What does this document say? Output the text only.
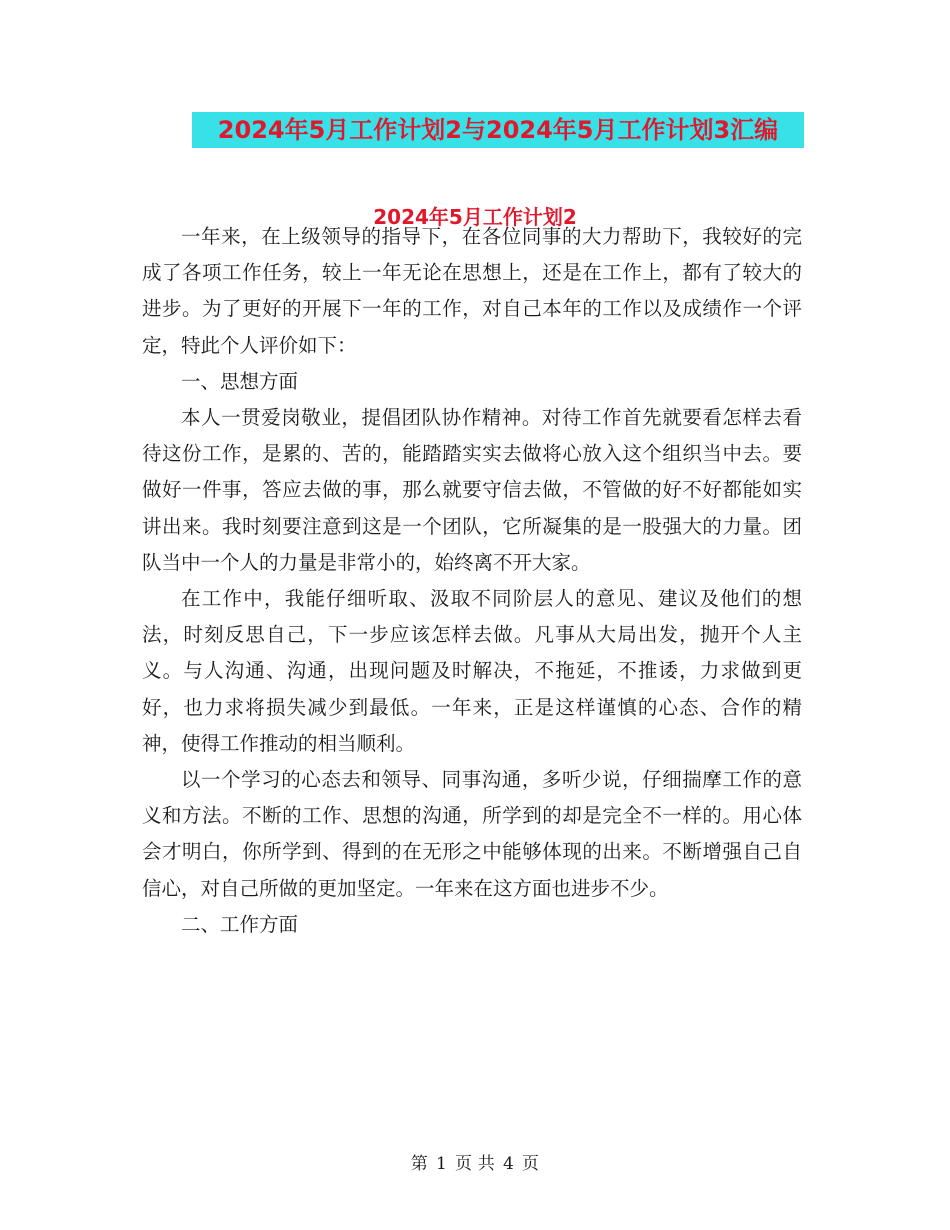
2024年5月工作计划2与2024年5月工作计划3汇编
2024年5月工作计划2

一年来，在上级领导的指导下，在各位同事的大力帮助下，我较好的完成了各项工作任务，较上一年无论在思想上，还是在工作上，都有了较大的进步。为了更好的开展下一年的工作，对自己本年的工作以及成绩作一个评定，特此个人评价如下：

一、思想方面

本人一贯爱岗敬业，提倡团队协作精神。对待工作首先就要看怎样去看待这份工作，是累的、苦的，能踏踏实实去做将心放入这个组织当中去。要做好一件事，答应去做的事，那么就要守信去做，不管做的好不好都能如实讲出来。我时刻要注意到这是一个团队，它所凝集的是一股强大的力量。团队当中一个人的力量是非常小的，始终离不开大家。

在工作中，我能仔细听取、汲取不同阶层人的意见、建议及他们的想法，时刻反思自己，下一步应该怎样去做。凡事从大局出发，抛开个人主义。与人沟通、沟通，出现问题及时解决，不拖延，不推诿，力求做到更好，也力求将损失减少到最低。一年来，正是这样谨慎的心态、合作的精神，使得工作推动的相当顺利。

以一个学习的心态去和领导、同事沟通，多听少说，仔细揣摩工作的意义和方法。不断的工作、思想的沟通，所学到的却是完全不一样的。用心体会才明白，你所学到、得到的在无形之中能够体现的出来。不断增强自己自信心，对自己所做的更加坚定。一年来在这方面也进步不少。

二、工作方面

第 1 页 共 4 页
